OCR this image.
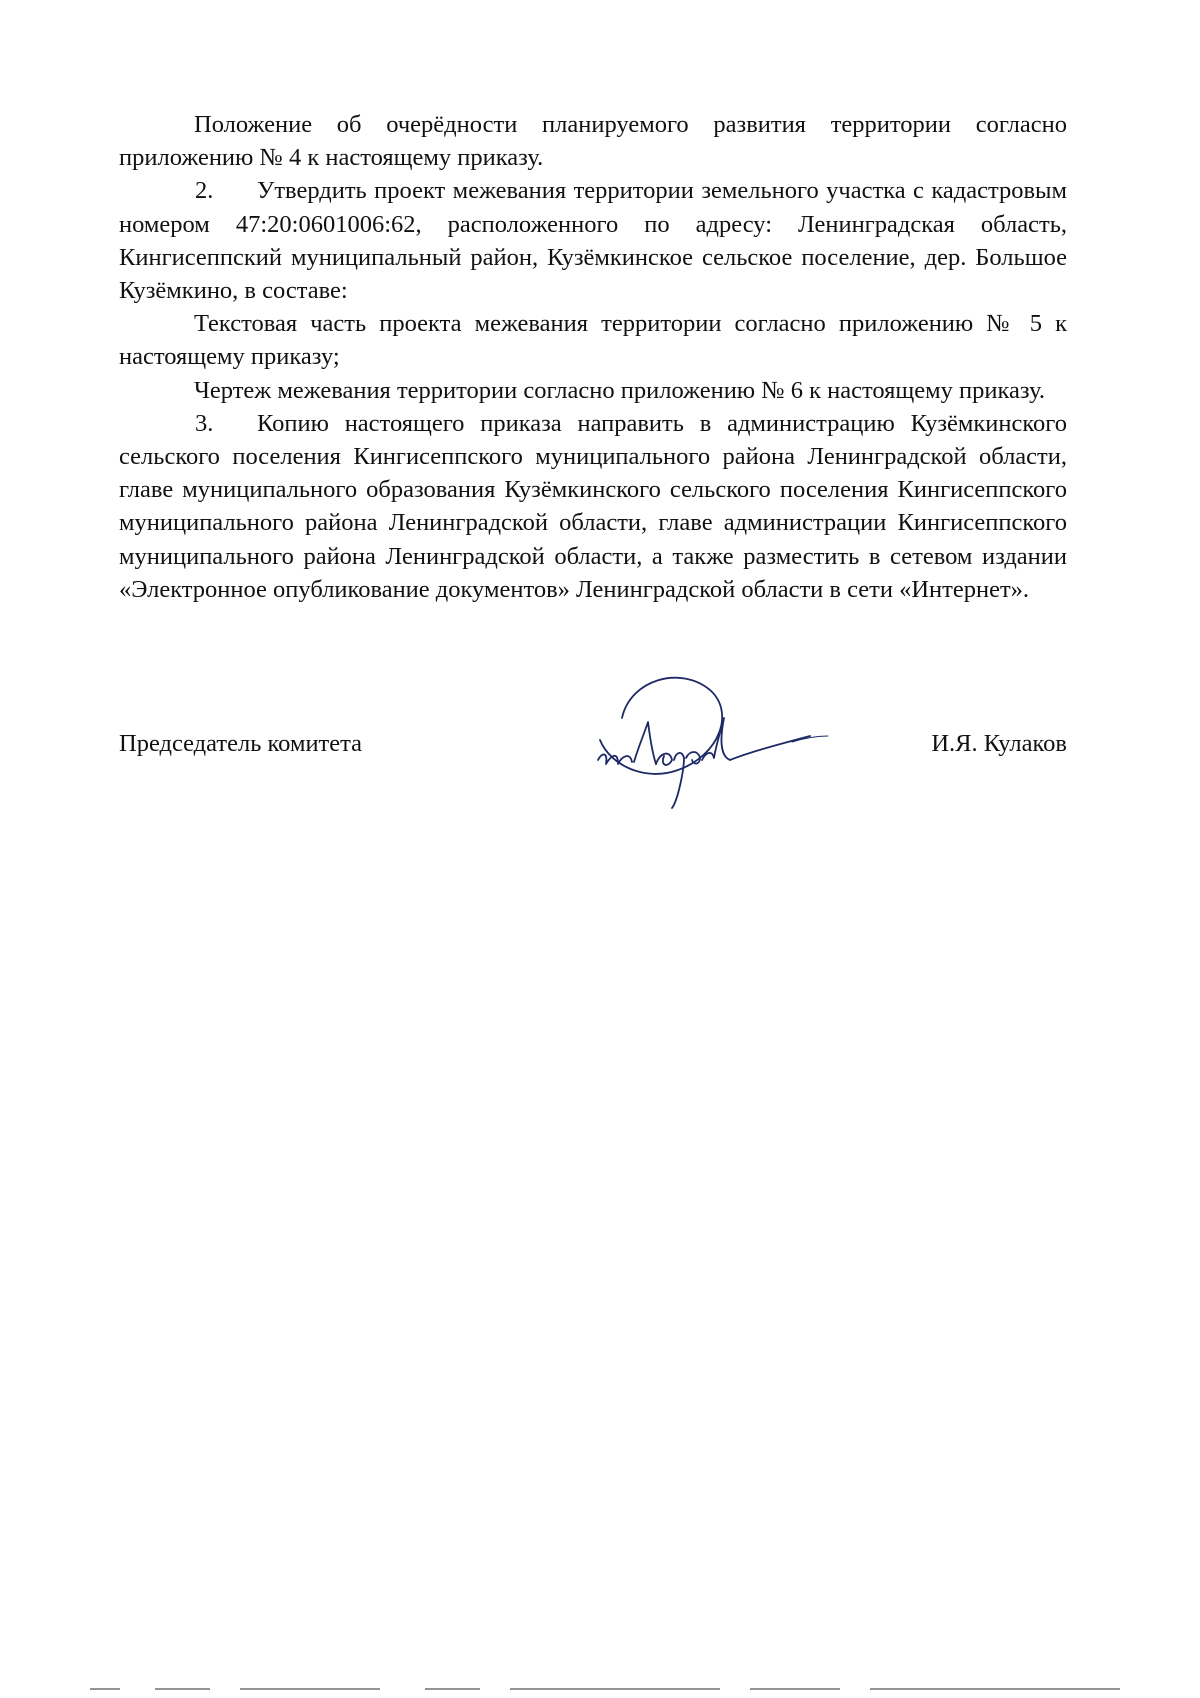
Положение об очерёдности планируемого развития территории согласно приложению № 4 к настоящему приказу.

2. Утвердить проект межевания территории земельного участка с кадастровым номером 47:20:0601006:62, расположенного по адресу: Ленинградская область, Кингисеппский муниципальный район, Кузёмкинское сельское поселение, дер. Большое Кузёмкино, в составе:

Текстовая часть проекта межевания территории согласно приложению № 5 к настоящему приказу;

Чертеж межевания территории согласно приложению № 6 к настоящему приказу.

3. Копию настоящего приказа направить в администрацию Кузёмкинского сельского поселения Кингисеппского муниципального района Ленинградской области, главе муниципального образования Кузёмкинского сельского поселения Кингисеппского муниципального района Ленинградской области, главе администрации Кингисеппского муниципального района Ленинградской области, а также разместить в сетевом издании «Электронное опубликование документов» Ленинградской области в сети «Интернет».

Председатель комитета	И.Я. Кулаков
